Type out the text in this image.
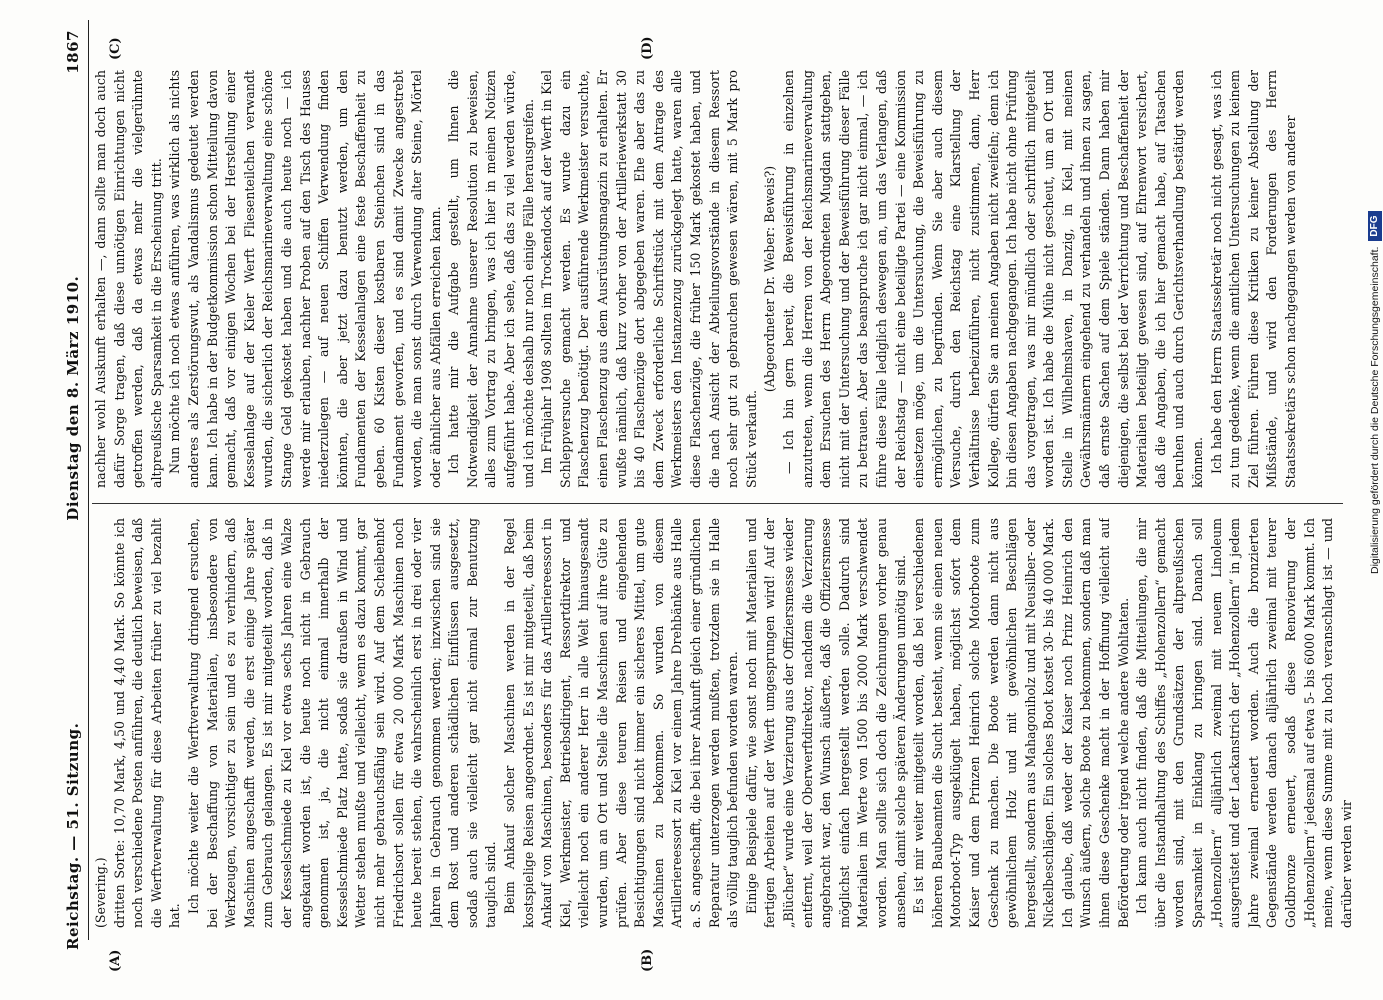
Reichstag. — 51. Sitzung.
Dienstag den 8. März 1910.
1867
(A)	(B)
(C)	(D)

(Severing.) dritten Sorte: 10,70 Mark, 4,50 und 4,40 Mark. So könnte ich noch verschiedene Posten anführen, die deutlich beweisen, daß die Werftverwaltung für diese Arbeiten früher zu viel bezahlt hat.

Ich möchte weiter die Werftverwaltung dringend ersuchen, bei der Beschaffung von Materialien, insbesondere von Werkzeugen, vorsichtiger zu sein und es zu verhindern, daß Maschinen angeschafft werden, die erst einige Jahre später zum Gebrauch gelangen. Es ist mir mitgeteilt worden, daß in der Kesselschmiede zu Kiel vor etwa sechs Jahren eine Walze angekauft worden ist, die heute noch nicht in Gebrauch genommen ist, ja, die nicht einmal innerhalb der Kesselschmiede Platz hatte, sodaß sie draußen in Wind und Wetter stehen mußte und vielleicht, wenn es dazu kommt, gar nicht mehr gebrauchsfähig sein wird. Auf dem Scheibenhof Friedrichsort sollen für etwa 20 000 Mark Maschinen noch heute bereit stehen, die wahrscheinlich erst in drei oder vier Jahren in Gebrauch genommen werden; inzwischen sind sie dem Rost und anderen schädlichen Einflüssen ausgesetzt, sodaß auch sie vielleicht gar nicht einmal zur Benutzung tauglich sind. Beim Ankauf solcher Maschinen werden in der Regel kostspielige Reisen angeordnet. Es ist mir mitgeteilt, daß beim Ankauf von Maschinen, besonders für das Artilleriereessort in Kiel, Werkmeister, Betriebsdirigent, Ressortdirektor und vielleicht noch ein anderer Herr in alle Welt hinausgesandt wurden, um an Ort und Stelle die Maschinen auf ihre Güte zu prüfen. Aber diese teuren Reisen und eingehenden Besichtigungen sind nicht immer ein sicheres Mittel, um gute Maschinen zu bekommen. So wurden von diesem Artilleriereessort zu Kiel vor einem Jahre Drehbänke aus Halle a. S. angeschafft, die bei ihrer Ankunft gleich einer gründlichen Reparatur unterzogen werden mußten, trotzdem sie in Halle als völlig tauglich befunden worden waren. Einige Beispiele dafür, wie sonst noch mit Materialien und fertigen Arbeiten auf der Werft umgesprungen wird! Auf der „Blücher“ wurde eine Verzierung aus der Offiziersmesse wieder entfernt, weil der Oberwerftdirektor, nachdem die Verzierung angebracht war, den Wunsch äußerte, daß die Offiziersmesse möglichst einfach hergestellt werden solle. Dadurch sind Materialien im Werte von 1500 bis 2000 Mark verschwendet worden. Man sollte sich doch die Zeichnungen vorher genau ansehen, damit solche späteren Änderungen unnötig sind. Es ist mir weiter mitgeteilt worden, daß bei verschiedenen höheren Baubeamten die Sucht besteht, wenn sie einen neuen Motorboot-Typ ausgeklügelt haben, möglichst sofort dem Kaiser und dem Prinzen Heinrich solche Motorboote zum Geschenk zu machen. Die Boote werden dann nicht aus gewöhnlichem Holz und mit gewöhnlichen Beschlägen hergestellt, sondern aus Mahagoniholz und mit Neusilber- oder Nickelbeschlägen. Ein solches Boot kostet 30- bis 40 000 Mark. Ich glaube, daß weder der Kaiser noch Prinz Heinrich den Wunsch äußern, solche Boote zu bekommen, sondern daß man ihnen diese Geschenke macht in der Hoffnung vielleicht auf Beförderung oder irgend welche andere Wohltaten. Ich kann auch nicht finden, daß die Mitteilungen, die mir über die Instandhaltung des Schiffes „Hohenzollern“ gemacht worden sind, mit den Grundsätzen der altpreußischen Sparsamkeit in Einklang zu bringen sind. Danach soll „Hohenzollern“ alljährlich zweimal mit neuem Linoleum ausgerüstet und der Lackanstrich der „Hohenzollern“ in jedem Jahre zweimal erneuert worden. Auch die bronzierten Gegenstände werden danach alljährlich zweimal mit teurer Goldbronze erneuert, sodaß diese Renovierung der „Hohenzollern“ jedesmal auf etwa 5- bis 6000 Mark kommt. Ich meine, wenn diese Summe mit zu hoch veranschlagt ist — und darüber werden wir

nachher wohl Auskunft erhalten —, dann sollte man doch auch dafür Sorge tragen, daß diese unnötigen Einrichtungen nicht getroffen werden, daß da etwas mehr die vielgerühmte altpreußische Sparsamkeit in die Erscheinung tritt. Nun möchte ich noch etwas anführen, was wirklich als nichts anderes als Zerstörungswut, als Vandalismus gedeutet werden kann. Ich habe in der Budgetkommission schon Mitteilung davon gemacht, daß vor einigen Wochen bei der Herstellung einer Kesselanlage auf der Kieler Werft Fliesenteilchen verwandt wurden, die sicherlich der Reichsmarineverwaltung eine schöne Stange Geld gekostet haben und die auch heute noch — ich werde mir erlauben, nachher Proben auf den Tisch des Hauses niederzulegen — auf neuen Schiffen Verwendung finden könnten, die aber jetzt dazu benutzt werden, um den Fundamenten der Kesselanlagen eine feste Beschaffenheit zu geben. 60 Kisten dieser kostbaren Steinchen sind in das Fundament geworfen, und es sind damit Zwecke angestrebt worden, die man sonst durch Verwendung alter Steine, Mörtel oder ähnlicher aus Abfällen erreichen kann. Ich hatte mir die Aufgabe gestellt, um Ihnen die Notwendigkeit der Annahme unserer Resolution zu beweisen, alles zum Vortrag zu bringen, was ich hier in meinen Notizen aufgeführt habe. Aber ich sehe, daß das zu viel werden würde, und ich möchte deshalb nur noch einige Fälle herausgreifen. Im Frühjahr 1908 sollten im Trockendock auf der Werft in Kiel Schleppversuche gemacht werden. Es wurde dazu ein Flaschenzug benötigt. Der ausführende Werkmeister versuchte, einen Flaschenzug aus dem Ausrüstungsmagazin zu erhalten. Er wußte nämlich, daß kurz vorher von der Artilleriewerkstatt 30 bis 40 Flaschenzüge dort abgegeben waren. Ehe aber das zu dem Zweck erforderliche Schriftstück mit dem Antrage des Werkmeisters den Instanzenzug zurückgelegt hatte, waren alle diese Flaschenzüge, die früher 150 Mark gekostet haben, und die nach Ansicht der Abteilungsvorstände in diesem Ressort noch sehr gut zu gebrauchen gewesen wären, mit 5 Mark pro Stück verkauft.

(Abgeordneter Dr. Weber: Beweis?) — Ich bin gern bereit, die Beweisführung in einzelnen anzutreten, wenn die Herren von der Reichsmarineverwaltung dem Ersuchen des Herrn Abgeordneten Mugdan stattgeben, nicht mit der Untersuchung und der Beweisführung dieser Fälle zu betrauen. Aber das beanspruche ich gar nicht einmal, — ich führe diese Fälle lediglich deswegen an, um das Verlangen, daß der Reichstag — nicht eine beteiligte Partei — eine Kommission einsetzen möge, um die Untersuchung, die Beweisführung zu ermöglichen, zu begründen. Wenn Sie aber auch diesem Versuche, durch den Reichstag eine Klarstellung der Verhältnisse herbeizuführen, nicht zustimmen, dann, Herr Kollege, dürfen Sie an meinen Angaben nicht zweifeln; denn ich bin diesen Angaben nachgegangen. Ich habe nicht ohne Prüfung das vorgetragen, was mir mündlich oder schriftlich mitgeteilt worden ist. Ich habe die Mühe nicht gescheut, um an Ort und Stelle in Wilhelmshaven, in Danzig, in Kiel, mit meinen Gewährsmännern eingehend zu verhandeln und ihnen zu sagen, daß ernste Sachen auf dem Spiele ständen. Dann haben mir diejenigen, die selbst bei der Verrichtung und Beschaffenheit der Materialien beteiligt gewesen sind, auf Ehrenwort versichert, daß die Angaben, die ich hier gemacht habe, auf Tatsachen beruhen und auch durch Gerichtsverhandlung bestätigt werden können. Ich habe den Herrn Staatssekretär noch nicht gesagt, was ich zu tun gedenke, wenn die amtlichen Untersuchungen zu keinem Ziel führen. Führen diese Kritiken zu keiner Abstellung der Mißstände, und wird den Forderungen des Herrn Staatssekretärs schon nachgegangen werden von anderer	Digitalisierung gefördert durch die Deutsche Forschungsgemeinschaft.
DFG
